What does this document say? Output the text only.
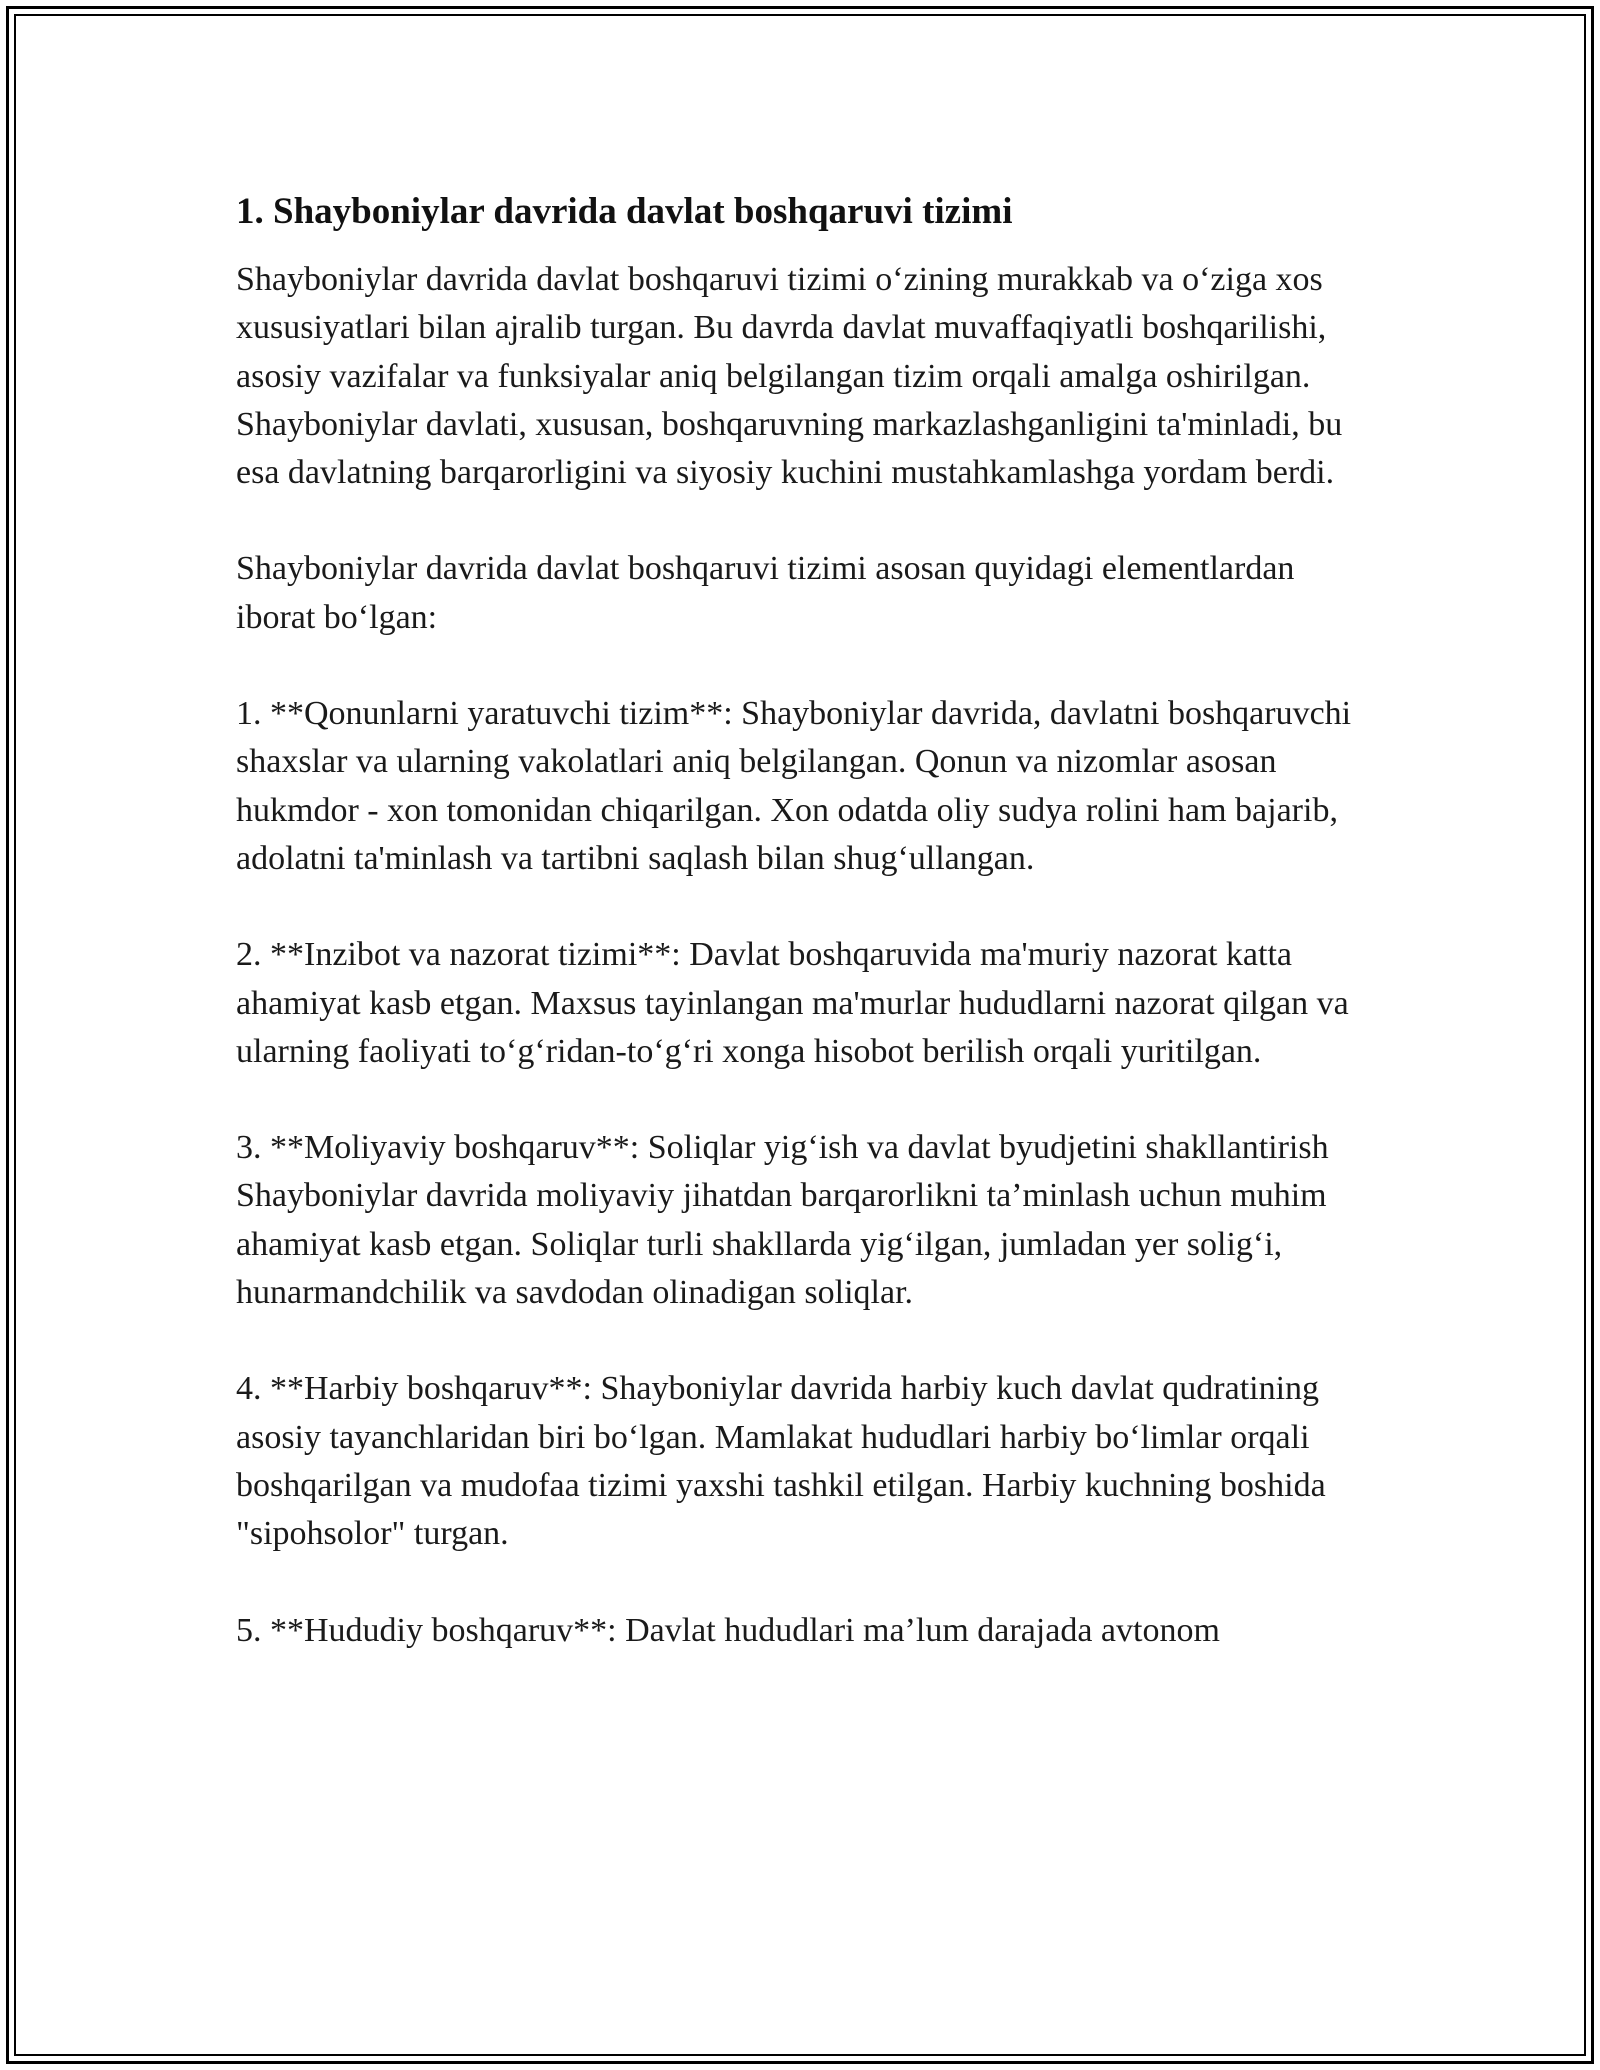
1. Shayboniylar davrida davlat boshqaruvi tizimi

Shayboniylar davrida davlat boshqaruvi tizimi o‘zining murakkab va o‘ziga xos xususiyatlari bilan ajralib turgan. Bu davrda davlat muvaffaqiyatli boshqarilishi, asosiy vazifalar va funksiyalar aniq belgilangan tizim orqali amalga oshirilgan. Shayboniylar davlati, xususan, boshqaruvning markazlashganligini ta'minladi, bu esa davlatning barqarorligini va siyosiy kuchini mustahkamlashga yordam berdi.

Shayboniylar davrida davlat boshqaruvi tizimi asosan quyidagi elementlardan iborat bo‘lgan:

1. **Qonunlarni yaratuvchi tizim**: Shayboniylar davrida, davlatni boshqaruvchi shaxslar va ularning vakolatlari aniq belgilangan. Qonun va nizomlar asosan hukmdor - xon tomonidan chiqarilgan. Xon odatda oliy sudya rolini ham bajarib, adolatni ta'minlash va tartibni saqlash bilan shug‘ullangan.

2. **Inzibot va nazorat tizimi**: Davlat boshqaruvida ma'muriy nazorat katta ahamiyat kasb etgan. Maxsus tayinlangan ma'murlar hududlarni nazorat qilgan va ularning faoliyati to‘g‘ridan-to‘g‘ri xonga hisobot berilish orqali yuritilgan.

3. **Moliyaviy boshqaruv**: Soliqlar yig‘ish va davlat byudjetini shakllantirish Shayboniylar davrida moliyaviy jihatdan barqarorlikni ta’minlash uchun muhim ahamiyat kasb etgan. Soliqlar turli shakllarda yig‘ilgan, jumladan yer solig‘i, hunarmandchilik va savdodan olinadigan soliqlar.

4. **Harbiy boshqaruv**: Shayboniylar davrida harbiy kuch davlat qudratining asosiy tayanchlaridan biri bo‘lgan. Mamlakat hududlari harbiy bo‘limlar orqali boshqarilgan va mudofaa tizimi yaxshi tashkil etilgan. Harbiy kuchning boshida "sipohsolor" turgan.

5. **Hududiy boshqaruv**: Davlat hududlari ma’lum darajada avtonom
